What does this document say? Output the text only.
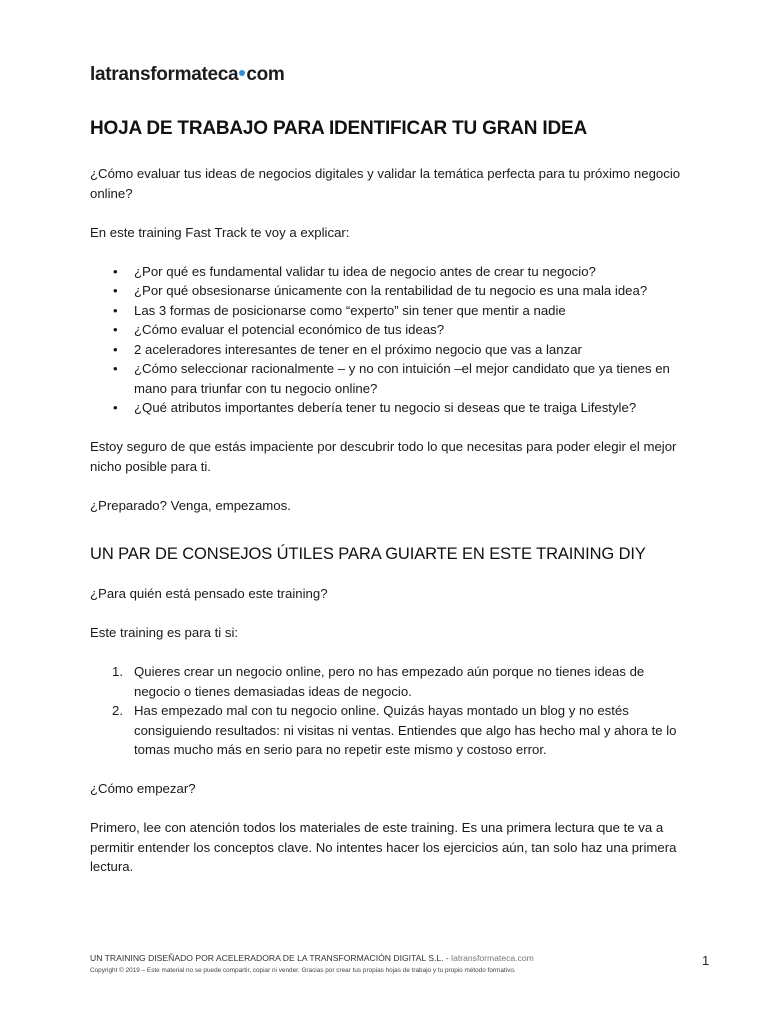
latransformateca com
HOJA DE TRABAJO PARA IDENTIFICAR TU GRAN IDEA

¿Cómo evaluar tus ideas de negocios digitales y validar la temática perfecta para tu próximo negocio online?

En este training Fast Track te voy a explicar:

• ¿Por qué es fundamental validar tu idea de negocio antes de crear tu negocio?
• ¿Por qué obsesionarse únicamente con la rentabilidad de tu negocio es una mala idea?
• Las 3 formas de posicionarse como “experto” sin tener que mentir a nadie
• ¿Cómo evaluar el potencial económico de tus ideas?
• 2 aceleradores interesantes de tener en el próximo negocio que vas a lanzar
• ¿Cómo seleccionar racionalmente – y no con intuición –el mejor candidato que ya tienes en mano para triunfar con tu negocio online?
• ¿Qué atributos importantes debería tener tu negocio si deseas que te traiga Lifestyle?

Estoy seguro de que estás impaciente por descubrir todo lo que necesitas para poder elegir el mejor nicho posible para ti.

¿Preparado? Venga, empezamos.

UN PAR DE CONSEJOS ÚTILES PARA GUIARTE EN ESTE TRAINING DIY

¿Para quién está pensado este training?

Este training es para ti si:

Quieres crear un negocio online, pero no has empezado aún porque no tienes ideas de negocio o tienes demasiadas ideas de negocio.
Has empezado mal con tu negocio online. Quizás hayas montado un blog y no estés consiguiendo resultados: ni visitas ni ventas. Entiendes que algo has hecho mal y ahora te lo tomas mucho más en serio para no repetir este mismo y costoso error.

¿Cómo empezar?

Primero, lee con atención todos los materiales de este training. Es una primera lectura que te va a permitir entender los conceptos clave. No intentes hacer los ejercicios aún, tan solo haz una primera lectura.

UN TRAINING DISEÑADO POR ACELERADORA DE LA TRANSFORMACIÓN DIGITAL S.L. - latransformateca.com
Copyright © 2019 – Este material no se puede compartir, copiar ni vender. Gracias por crear tus propias hojas de trabajo y tu propio método formativo.
1
